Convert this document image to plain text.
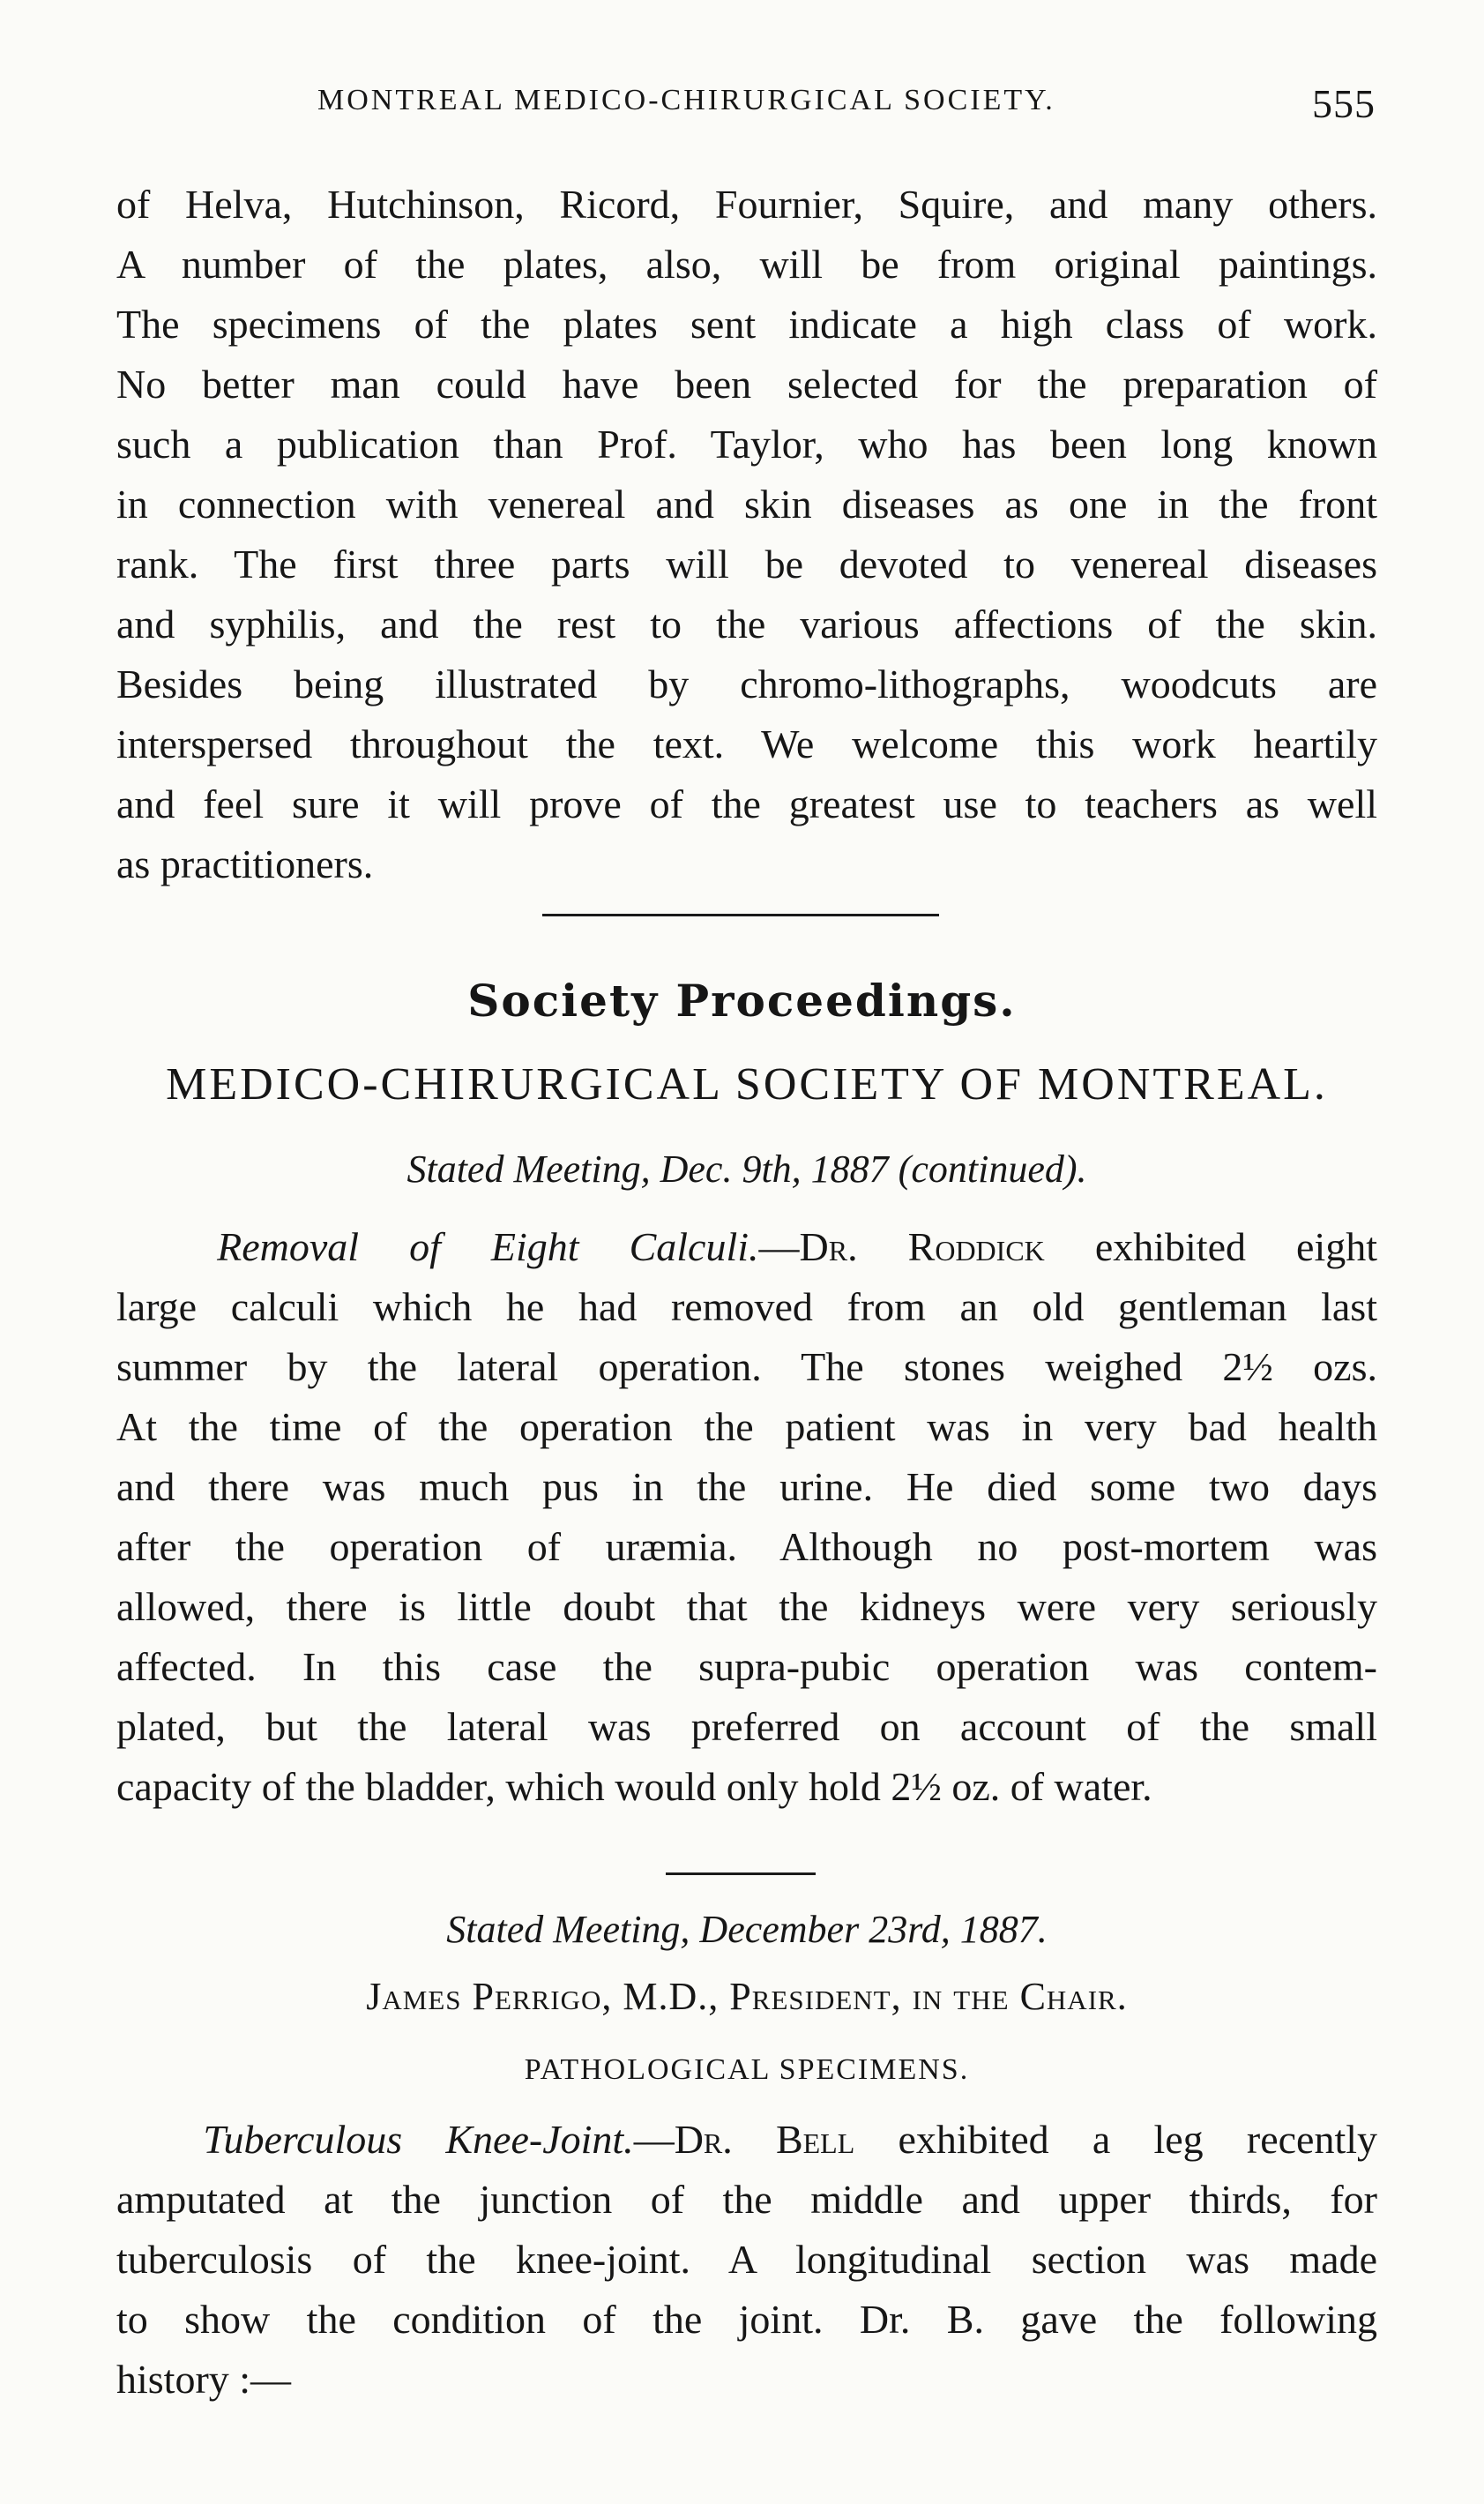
MONTREAL MEDICO-CHIRURGICAL SOCIETY.	555

of Helva, Hutchinson, Ricord, Fournier, Squire, and many others.

A number of the plates, also, will be from original paintings.

The specimens of the plates sent indicate a high class of work.

No better man could have been selected for the preparation of

such a publication than Prof. Taylor, who has been long known

in connection with venereal and skin diseases as one in the front

rank. The first three parts will be devoted to venereal diseases

and syphilis, and the rest to the various affections of the skin.

Besides being illustrated by chromo-lithographs, woodcuts are

interspersed throughout the text. We welcome this work heartily

and feel sure it will prove of the greatest use to teachers as well

as practitioners.

Society Proceedings.
MEDICO-CHIRURGICAL SOCIETY OF MONTREAL.
Stated Meeting, Dec. 9th, 1887 (continued).

Removal of Eight Calculi.—Dr. Roddick exhibited eight

large calculi which he had removed from an old gentleman last

summer by the lateral operation. The stones weighed 2½ ozs.

At the time of the operation the patient was in very bad health

and there was much pus in the urine. He died some two days

after the operation of uræmia. Although no post-mortem was

allowed, there is little doubt that the kidneys were very seriously

affected. In this case the supra-pubic operation was contem-

plated, but the lateral was preferred on account of the small

capacity of the bladder, which would only hold 2½ oz. of water.

Stated Meeting, December 23rd, 1887.
James Perrigo, M.D., President, in the Chair.
PATHOLOGICAL SPECIMENS.

Tuberculous Knee-Joint.—Dr. Bell exhibited a leg recently

amputated at the junction of the middle and upper thirds, for

tuberculosis of the knee-joint. A longitudinal section was made

to show the condition of the joint. Dr. B. gave the following

history :—
